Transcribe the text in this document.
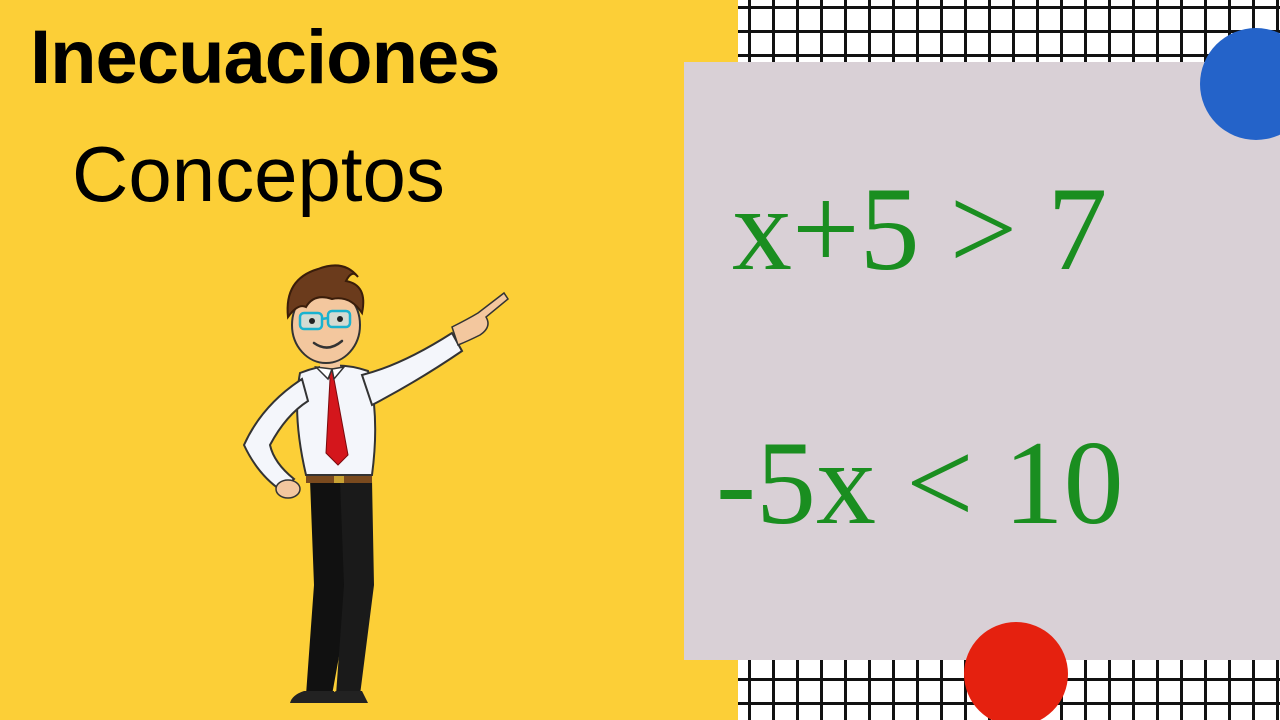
Inecuaciones
Conceptos x+5 > 7
-5x < 10
